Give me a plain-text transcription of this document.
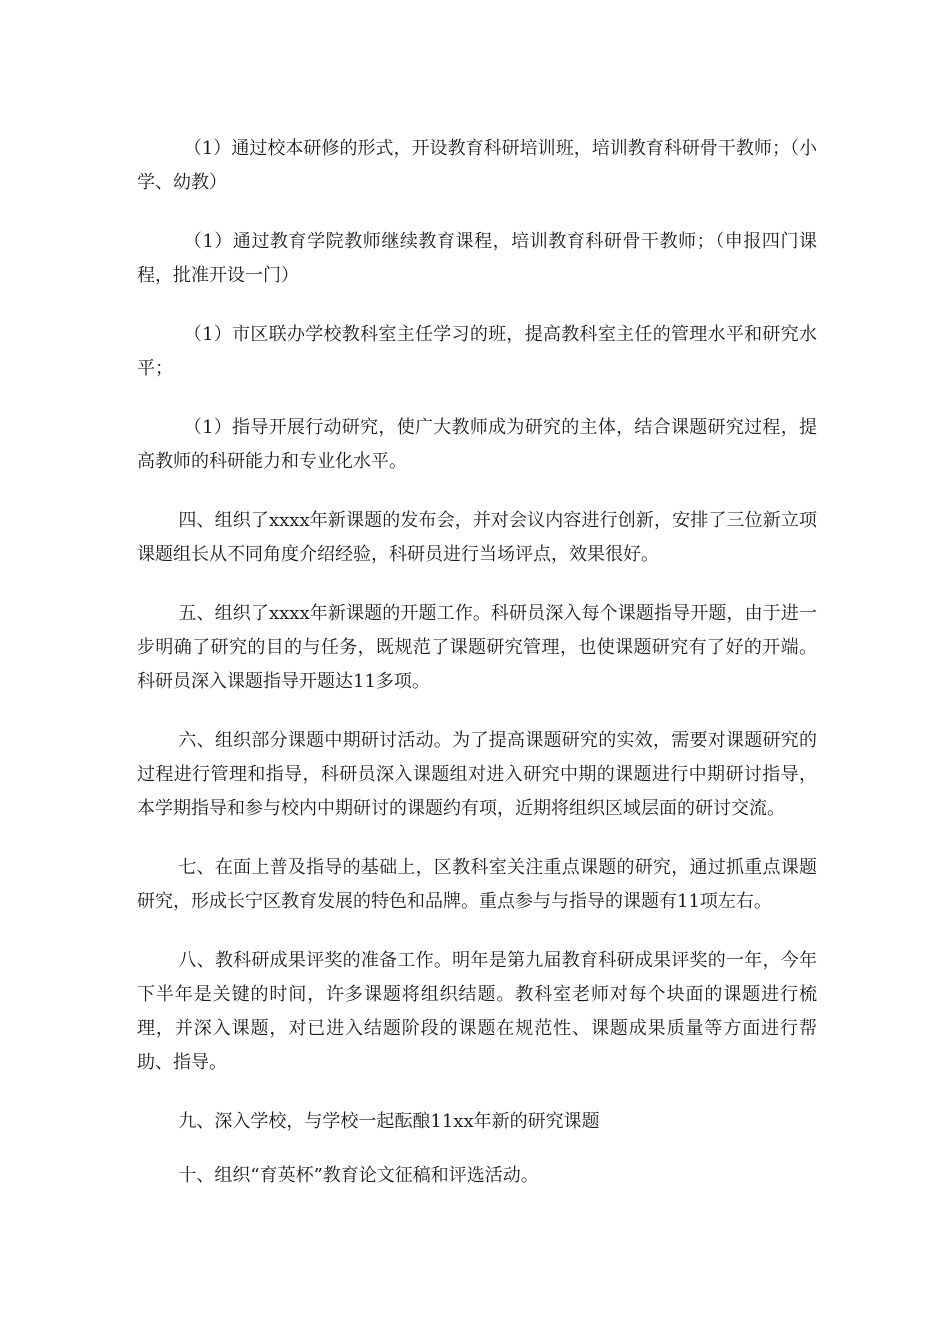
（1）通过校本研修的形式，开设教育科研培训班，培训教育科研骨干教师；（小学、幼教）

（1）通过教育学院教师继续教育课程，培训教育科研骨干教师；（申报四门课程，批准开设一门）

（1）市区联办学校教科室主任学习的班，提高教科室主任的管理水平和研究水平；

（1）指导开展行动研究，使广大教师成为研究的主体，结合课题研究过程，提高教师的科研能力和专业化水平。

四、组织了xxxx年新课题的发布会，并对会议内容进行创新，安排了三位新立项课题组长从不同角度介绍经验，科研员进行当场评点，效果很好。

五、组织了xxxx年新课题的开题工作。科研员深入每个课题指导开题，由于进一步明确了研究的目的与任务，既规范了课题研究管理，也使课题研究有了好的开端。科研员深入课题指导开题达11多项。

六、组织部分课题中期研讨活动。为了提高课题研究的实效，需要对课题研究的过程进行管理和指导，科研员深入课题组对进入研究中期的课题进行中期研讨指导，本学期指导和参与校内中期研讨的课题约有项，近期将组织区域层面的研讨交流。

七、在面上普及指导的基础上，区教科室关注重点课题的研究，通过抓重点课题研究，形成长宁区教育发展的特色和品牌。重点参与与指导的课题有11项左右。

八、教科研成果评奖的准备工作。明年是第九届教育科研成果评奖的一年，今年下半年是关键的时间，许多课题将组织结题。教科室老师对每个块面的课题进行梳理，并深入课题，对已进入结题阶段的课题在规范性、课题成果质量等方面进行帮助、指导。

九、深入学校，与学校一起酝酿11xx年新的研究课题

十、组织“育英杯”教育论文征稿和评选活动。
